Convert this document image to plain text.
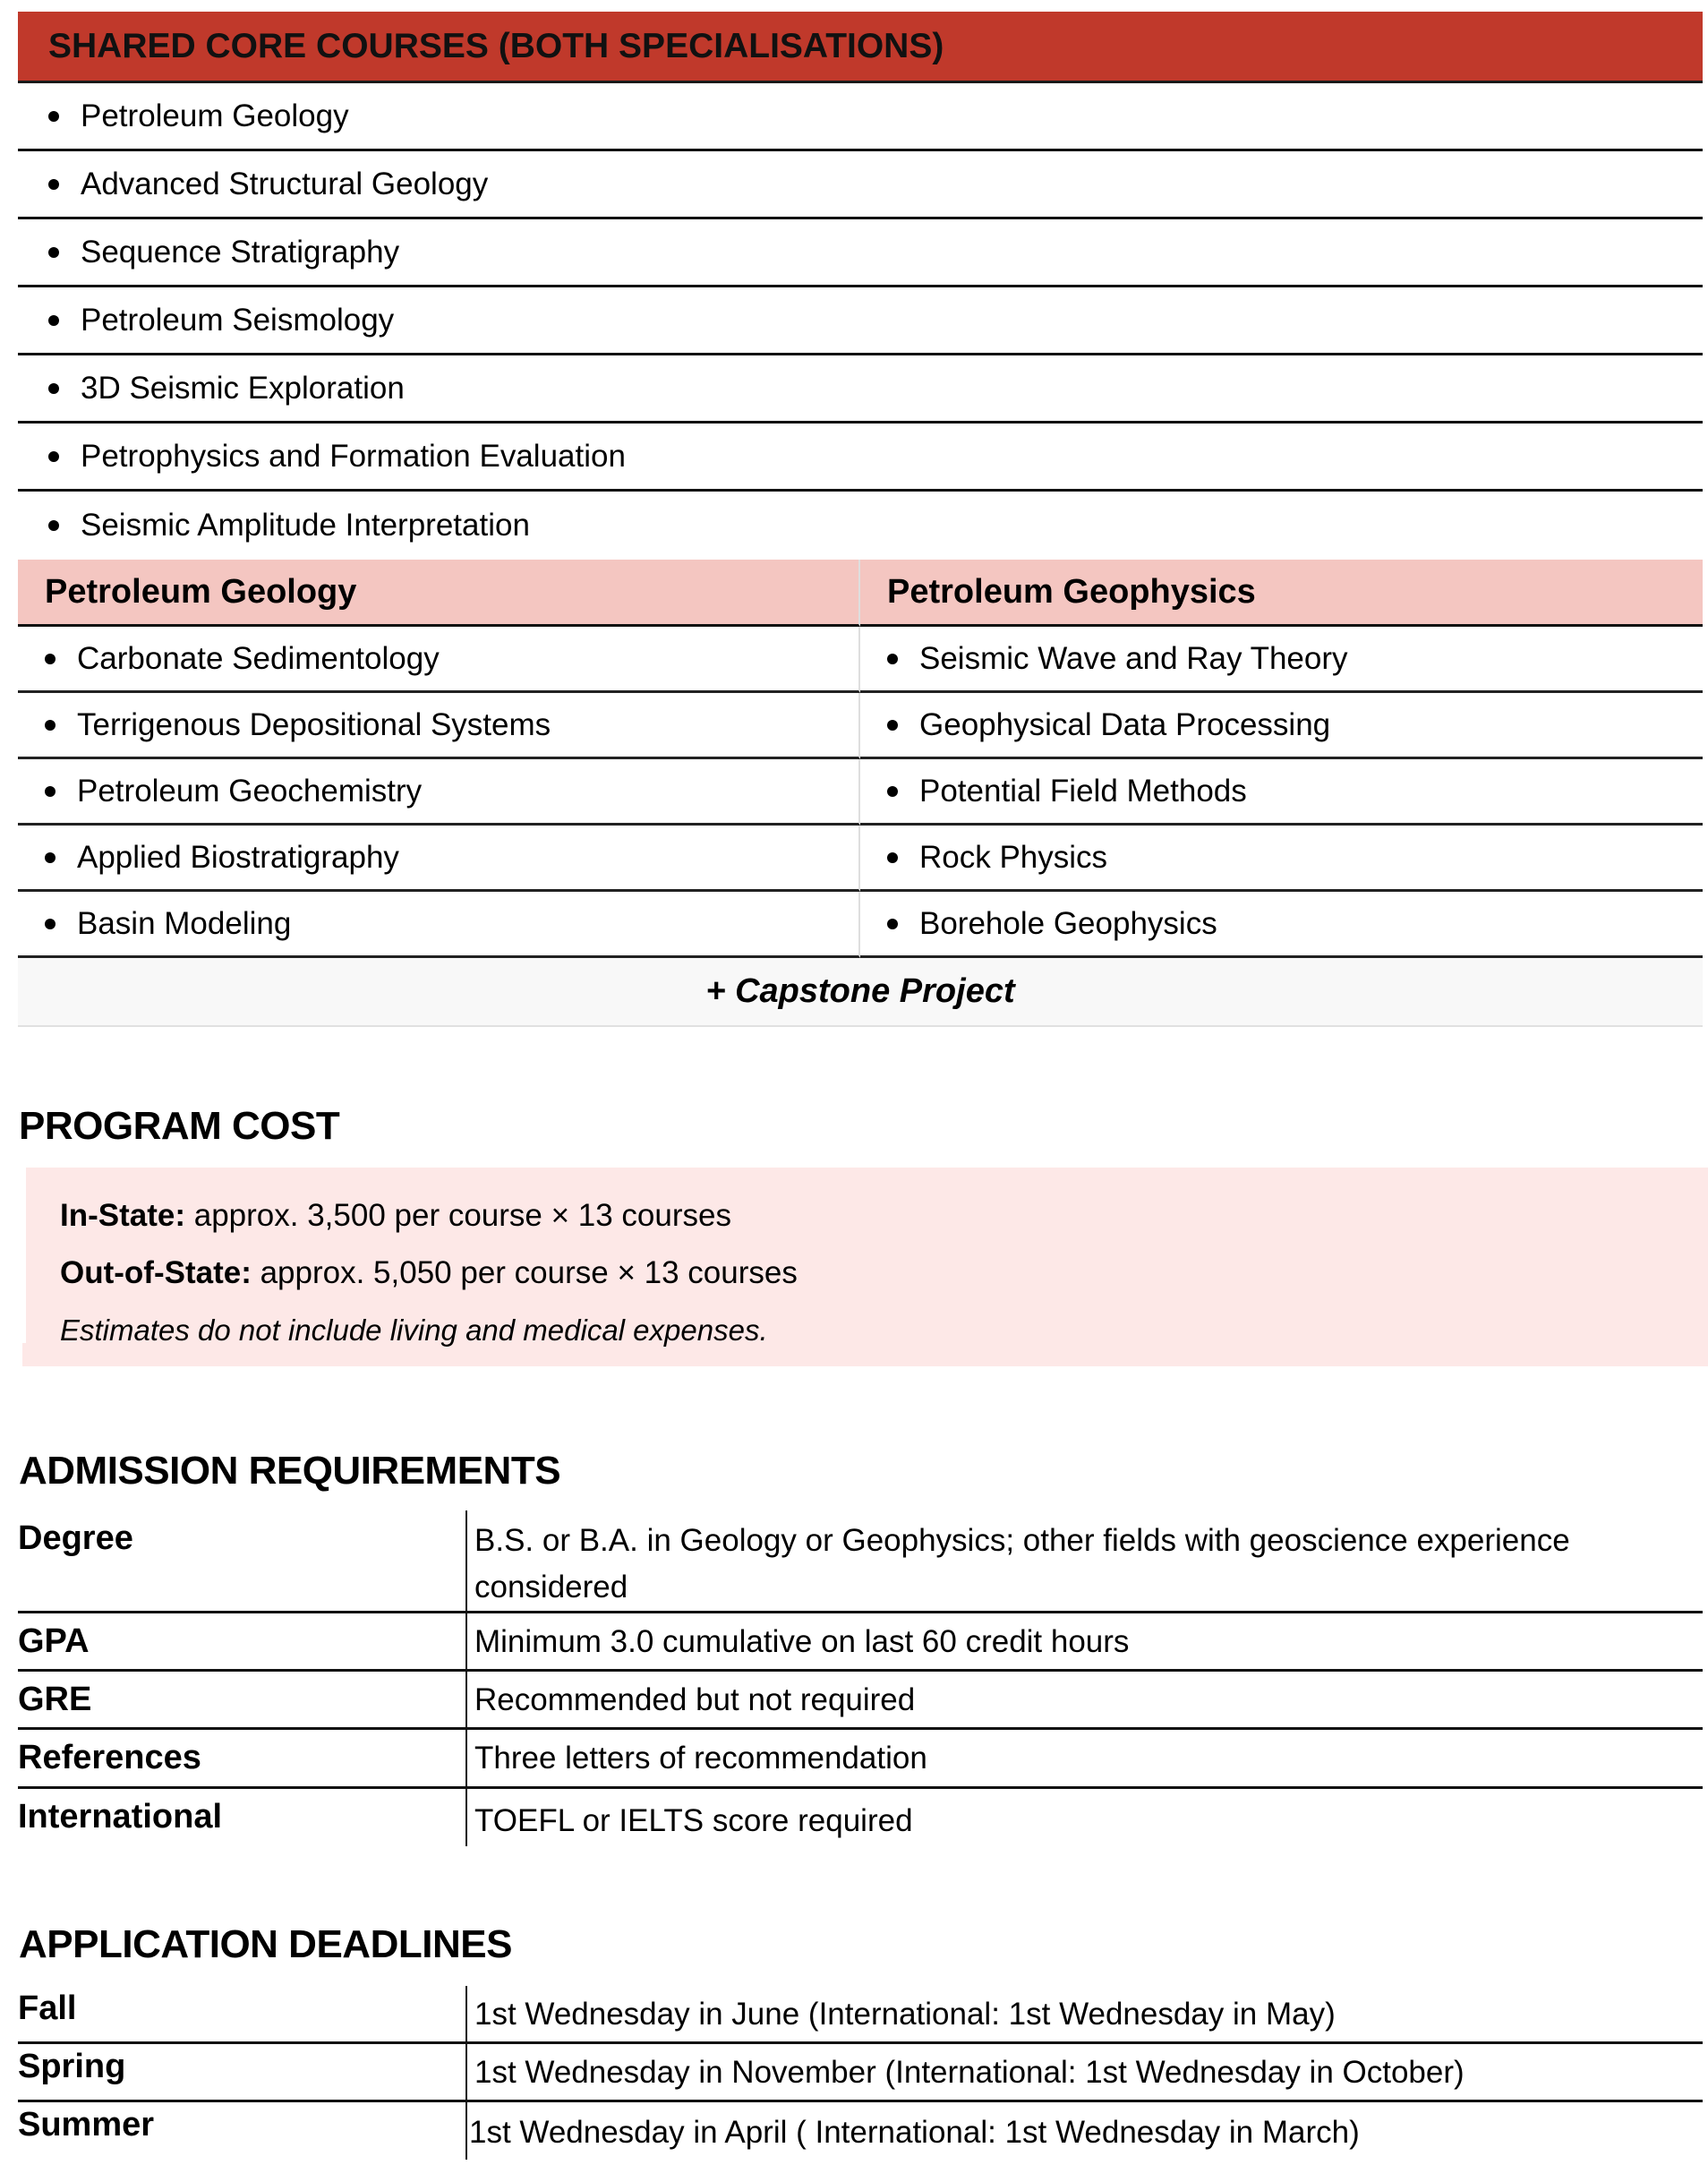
SHARED CORE COURSES (BOTH SPECIALISATIONS)
Petroleum Geology
Advanced Structural Geology
Sequence Stratigraphy
Petroleum Seismology
3D Seismic Exploration
Petrophysics and Formation Evaluation
Seismic Amplitude Interpretation
Petroleum Geology	Petroleum Geophysics
Carbonate Sedimentology	Seismic Wave and Ray Theory
Terrigenous Depositional Systems	Geophysical Data Processing
Petroleum Geochemistry	Potential Field Methods
Applied Biostratigraphy	Rock Physics
Basin Modeling	Borehole Geophysics
+ Capstone Project
PROGRAM COST
In-State:
approx. 3,500 per course × 13 courses
Out-of-State:
approx. 5,050 per course × 13 courses
Estimates do not include living and medical expenses.
ADMISSION REQUIREMENTS
Degree	B.S. or B.A. in Geology or Geophysics; other fields with geoscience experience considered
GPA	Minimum 3.0 cumulative on last 60 credit hours
GRE	Recommended but not required
References	Three letters of recommendation
International	TOEFL or IELTS score required
APPLICATION DEADLINES
Fall	1st Wednesday in June (International: 1st Wednesday in May)
Spring	1st Wednesday in November (International: 1st Wednesday in October)
Summer	1st Wednesday in April ( International: 1st Wednesday in March)
